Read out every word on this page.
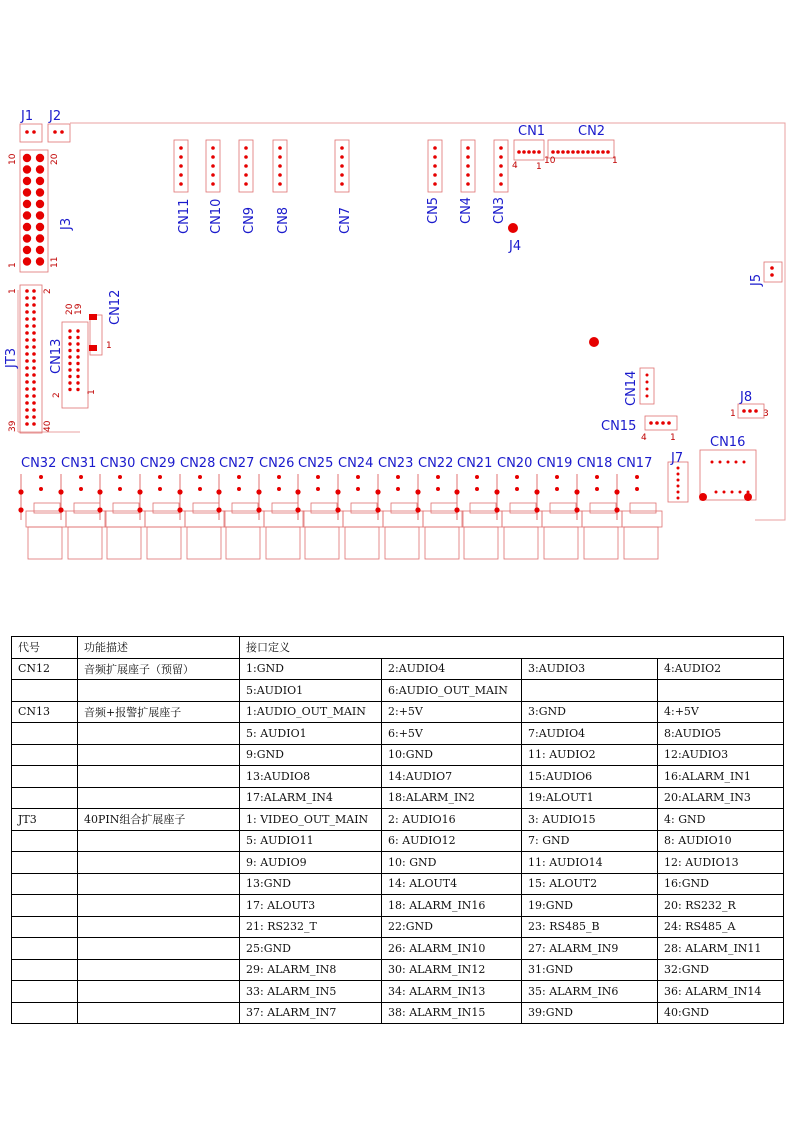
J1 J2
CN1	CN2
J4
J8
CN15
CN16
J7
J3	CN11 CN10 CN9 CN8	CN7	CN5 CN4 CN3
J5
JT3
CN12
CN13
CN14
10	20
1	11
1	2
39	40
20 19
2
1
1
4	10	1
1
1	3
4	1
CN32 CN31 CN30 CN29 CN28 CN27 CN26 CN25 CN24 CN23 CN22 CN21 CN20 CN19 CN18 CN17
代号	功能描述	接口定义			
CN12	音频扩展座子（预留）	1:GND	2:AUDIO4	3:AUDIO3	4:AUDIO2
		5:AUDIO1	6:AUDIO_OUT_MAIN		
CN13	音频+报警扩展座子	1:AUDIO_OUT_MAIN	2:+5V	3:GND	4:+5V
		5: AUDIO1	6:+5V	7:AUDIO4	8:AUDIO5
		9:GND	10:GND	11: AUDIO2	12:AUDIO3
		13:AUDIO8	14:AUDIO7	15:AUDIO6	16:ALARM_IN1
		17:ALARM_IN4	18:ALARM_IN2	19:ALOUT1	20:ALARM_IN3
JT3	40PIN组合扩展座子	1: VIDEO_OUT_MAIN	2: AUDIO16	3: AUDIO15	4: GND
		5: AUDIO11	6: AUDIO12	7: GND	8: AUDIO10
		9: AUDIO9	10: GND	11: AUDIO14	12: AUDIO13
		13:GND	14: ALOUT4	15: ALOUT2	16:GND
		17: ALOUT3	18: ALARM_IN16	19:GND	20: RS232_R
		21: RS232_T	22:GND	23: RS485_B	24: RS485_A
		25:GND	26: ALARM_IN10	27: ALARM_IN9	28: ALARM_IN11
		29: ALARM_IN8	30: ALARM_IN12	31:GND	32:GND
		33: ALARM_IN5	34: ALARM_IN13	35: ALARM_IN6	36: ALARM_IN14
		37: ALARM_IN7	38: ALARM_IN15	39:GND	40:GND
